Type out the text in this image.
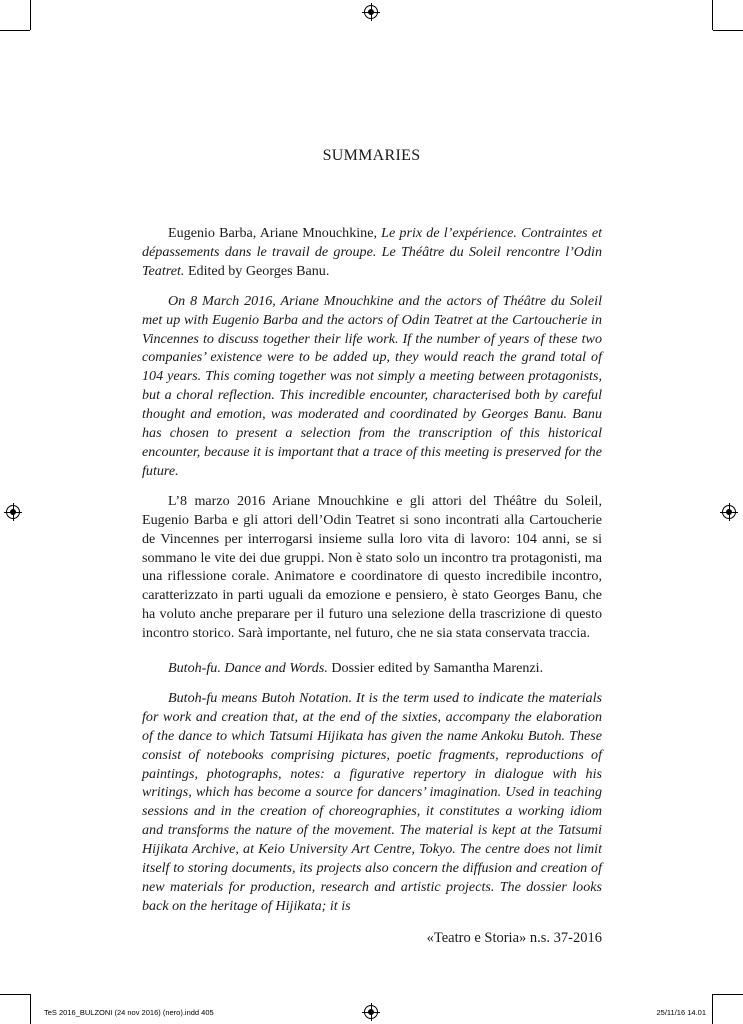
SUMMARIES

Eugenio Barba, Ariane Mnouchkine, Le prix de l’expérience. Contraintes et dépassements dans le travail de groupe. Le Théâtre du Soleil rencontre l’Odin Teatret. Edited by Georges Banu.

On 8 March 2016, Ariane Mnouchkine and the actors of Théâtre du Soleil met up with Eugenio Barba and the actors of Odin Teatret at the Cartoucherie in Vincennes to discuss together their life work. If the number of years of these two companies’ existence were to be added up, they would reach the grand total of 104 years. This coming together was not simply a meeting between protagonists, but a choral reflection. This incredible encounter, characterised both by careful thought and emotion, was moderated and coordinated by Georges Banu. Banu has chosen to present a selection from the transcription of this historical encounter, because it is important that a trace of this meeting is preserved for the future.

L’8 marzo 2016 Ariane Mnouchkine e gli attori del Théâtre du Soleil, Eugenio Barba e gli attori dell’Odin Teatret si sono incontrati alla Cartoucherie de Vincennes per interrogarsi insieme sulla loro vita di lavoro: 104 anni, se si sommano le vite dei due gruppi. Non è stato solo un incontro tra protagonisti, ma una riflessione corale. Animatore e coordinatore di questo incredibile incontro, caratterizzato in parti uguali da emozione e pensiero, è stato Georges Banu, che ha voluto anche preparare per il futuro una selezione della trascrizione di questo incontro storico. Sarà importante, nel futuro, che ne sia stata conservata traccia.

Butoh-fu. Dance and Words. Dossier edited by Samantha Marenzi.

Butoh-fu means Butoh Notation. It is the term used to indicate the materials for work and creation that, at the end of the sixties, accompany the elaboration of the dance to which Tatsumi Hijikata has given the name Ankoku Butoh. These consist of notebooks comprising pictures, poetic fragments, reproductions of paintings, photographs, notes: a figurative repertory in dialogue with his writings, which has become a source for dancers’ imagination. Used in teaching sessions and in the creation of choreographies, it constitutes a working idiom and transforms the nature of the movement. The material is kept at the Tatsumi Hijikata Archive, at Keio University Art Centre, Tokyo. The centre does not limit itself to storing documents, its projects also concern the diffusion and creation of new materials for production, research and artistic projects. The dossier looks back on the heritage of Hijikata; it is

«Teatro e Storia» n.s. 37-2016
TeS 2016_BULZONI (24 nov 2016) (nero).indd 405	25/11/16 14.01
